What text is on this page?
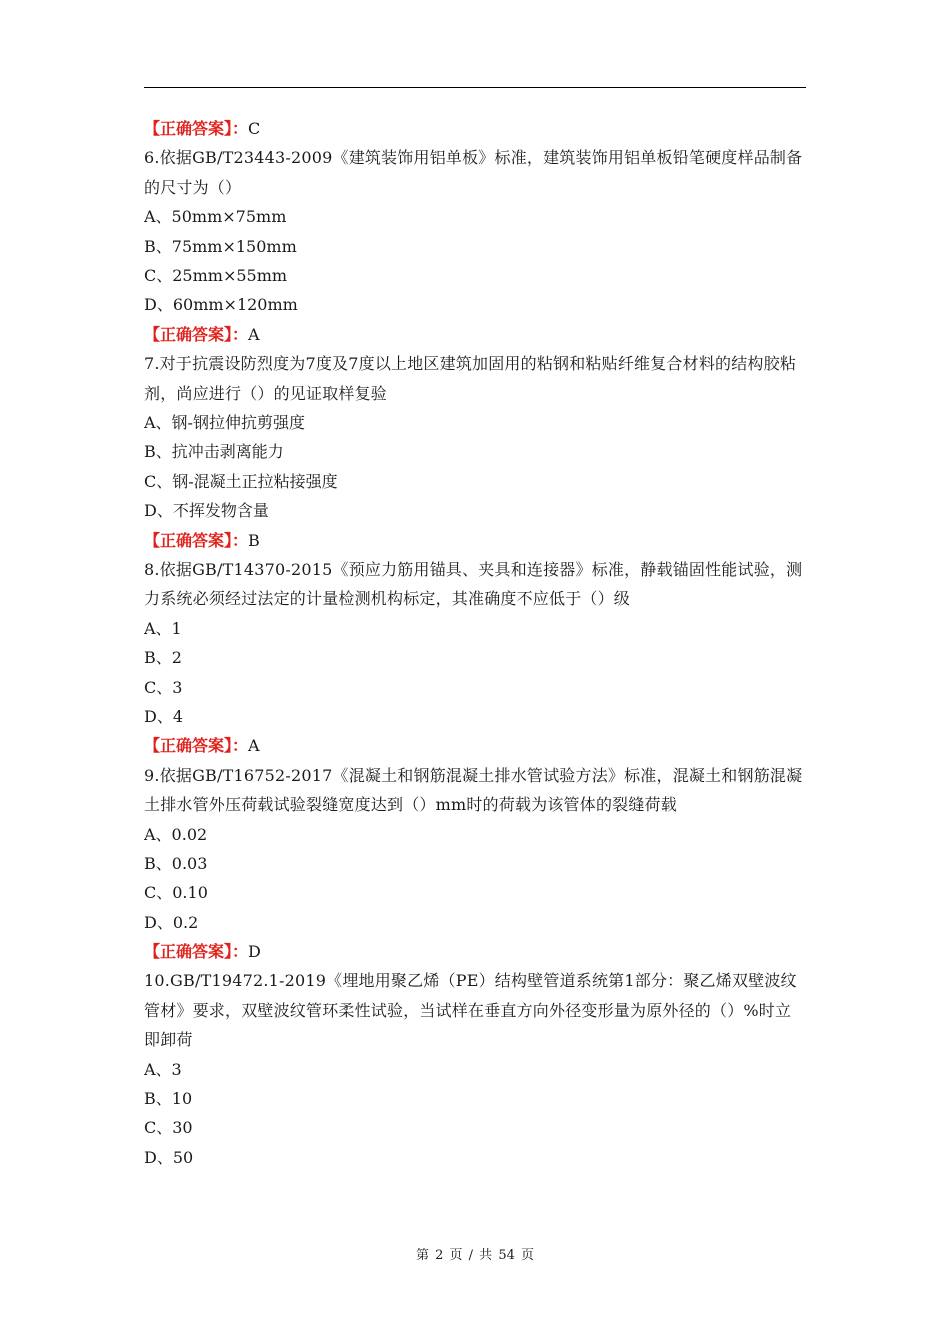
【正确答案】：C
6.依据GB/T23443-2009《建筑装饰用铝单板》标准，建筑装饰用铝单板铅笔硬度样品制备的尺寸为（）
A、50mm×75mm
B、75mm×150mm
C、25mm×55mm
D、60mm×120mm
【正确答案】：A
7.对于抗震设防烈度为7度及7度以上地区建筑加固用的粘钢和粘贴纤维复合材料的结构胶粘剂，尚应进行（）的见证取样复验
A、钢-钢拉伸抗剪强度
B、抗冲击剥离能力
C、钢-混凝土正拉粘接强度
D、不挥发物含量
【正确答案】：B
8.依据GB/T14370-2015《预应力筋用锚具、夹具和连接器》标准，静载锚固性能试验，测力系统必须经过法定的计量检测机构标定，其准确度不应低于（）级
A、1
B、2
C、3
D、4
【正确答案】：A
9.依据GB/T16752-2017《混凝土和钢筋混凝土排水管试验方法》标准，混凝土和钢筋混凝土排水管外压荷载试验裂缝宽度达到（）mm时的荷载为该管体的裂缝荷载
A、0.02
B、0.03
C、0.10
D、0.2
【正确答案】：D
10.GB/T19472.1-2019《埋地用聚乙烯（PE）结构壁管道系统第1部分：聚乙烯双壁波纹管材》要求，双壁波纹管环柔性试验，当试样在垂直方向外径变形量为原外径的（）%时立即卸荷
A、3
B、10
C、30
D、50
第 2 页 / 共 54 页
